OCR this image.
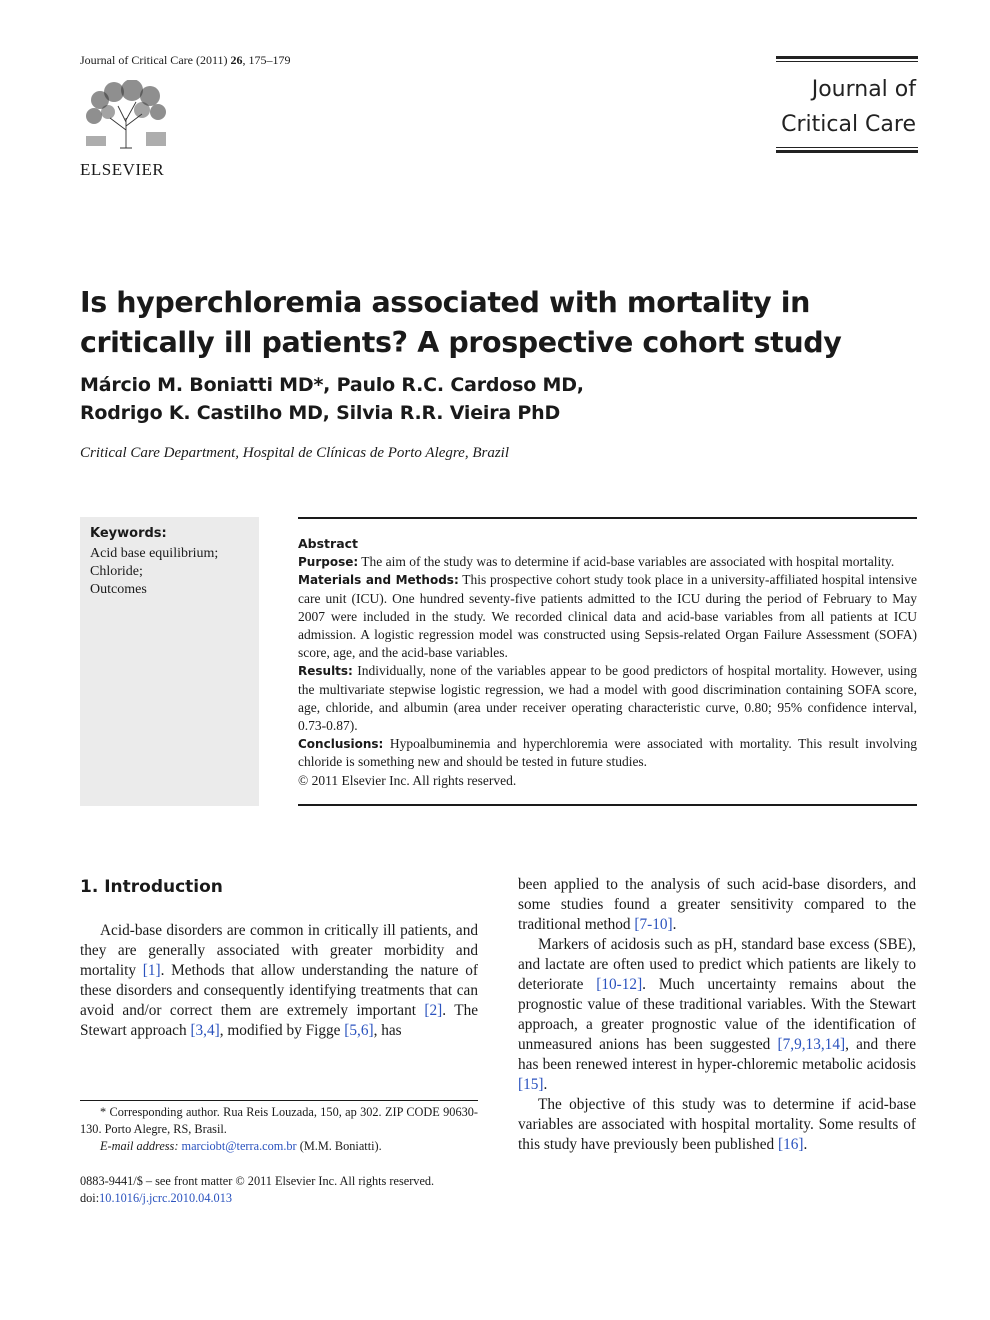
Journal of Critical Care (2011) 26, 175–179
ELSEVIER
Journal of
Critical Care
Is hyperchloremia associated with mortality in critically ill patients? A prospective cohort study
Márcio M. Boniatti MD*, Paulo R.C. Cardoso MD,
Rodrigo K. Castilho MD, Silvia R.R. Vieira PhD
Critical Care Department, Hospital de Clínicas de Porto Alegre, Brazil
Keywords:
Acid base equilibrium;
Chloride;
Outcomes
Abstract

Purpose: The aim of the study was to determine if acid-base variables are associated with hospital mortality.

Materials and Methods: This prospective cohort study took place in a university-affiliated hospital intensive care unit (ICU). One hundred seventy-five patients admitted to the ICU during the period of February to May 2007 were included in the study. We recorded clinical data and acid-base variables from all patients at ICU admission. A logistic regression model was constructed using Sepsis-related Organ Failure Assessment (SOFA) score, age, and the acid-base variables.

Results: Individually, none of the variables appear to be good predictors of hospital mortality. However, using the multivariate stepwise logistic regression, we had a model with good discrimination containing SOFA score, age, chloride, and albumin (area under receiver operating characteristic curve, 0.80; 95% confidence interval, 0.73-0.87).

Conclusions: Hypoalbuminemia and hyperchloremia were associated with mortality. This result involving chloride is something new and should be tested in future studies.

© 2011 Elsevier Inc. All rights reserved.

1. Introduction

Acid-base disorders are common in critically ill patients, and they are generally associated with greater morbidity and mortality [1]. Methods that allow understanding the nature of these disorders and consequently identifying treatments that can avoid and/or correct them are extremely important [2]. The Stewart approach [3,4], modified by Figge [5,6], has

been applied to the analysis of such acid-base disorders, and some studies found a greater sensitivity compared to the traditional method [7-10].

Markers of acidosis such as pH, standard base excess (SBE), and lactate are often used to predict which patients are likely to deteriorate [10-12]. Much uncertainty remains about the prognostic value of these traditional variables. With the Stewart approach, a greater prognostic value of the identification of unmeasured anions has been suggested [7,9,13,14], and there has been renewed interest in hyper-chloremic metabolic acidosis [15].

The objective of this study was to determine if acid-base variables are associated with hospital mortality. Some results of this study have previously been published [16].

* Corresponding author. Rua Reis Louzada, 150, ap 302. ZIP CODE 90630-130. Porto Alegre, RS, Brasil.

E-mail address: marciobt@terra.com.br (M.M. Boniatti).

0883-9441/$ – see front matter © 2011 Elsevier Inc. All rights reserved.

doi:10.1016/j.jcrc.2010.04.013
